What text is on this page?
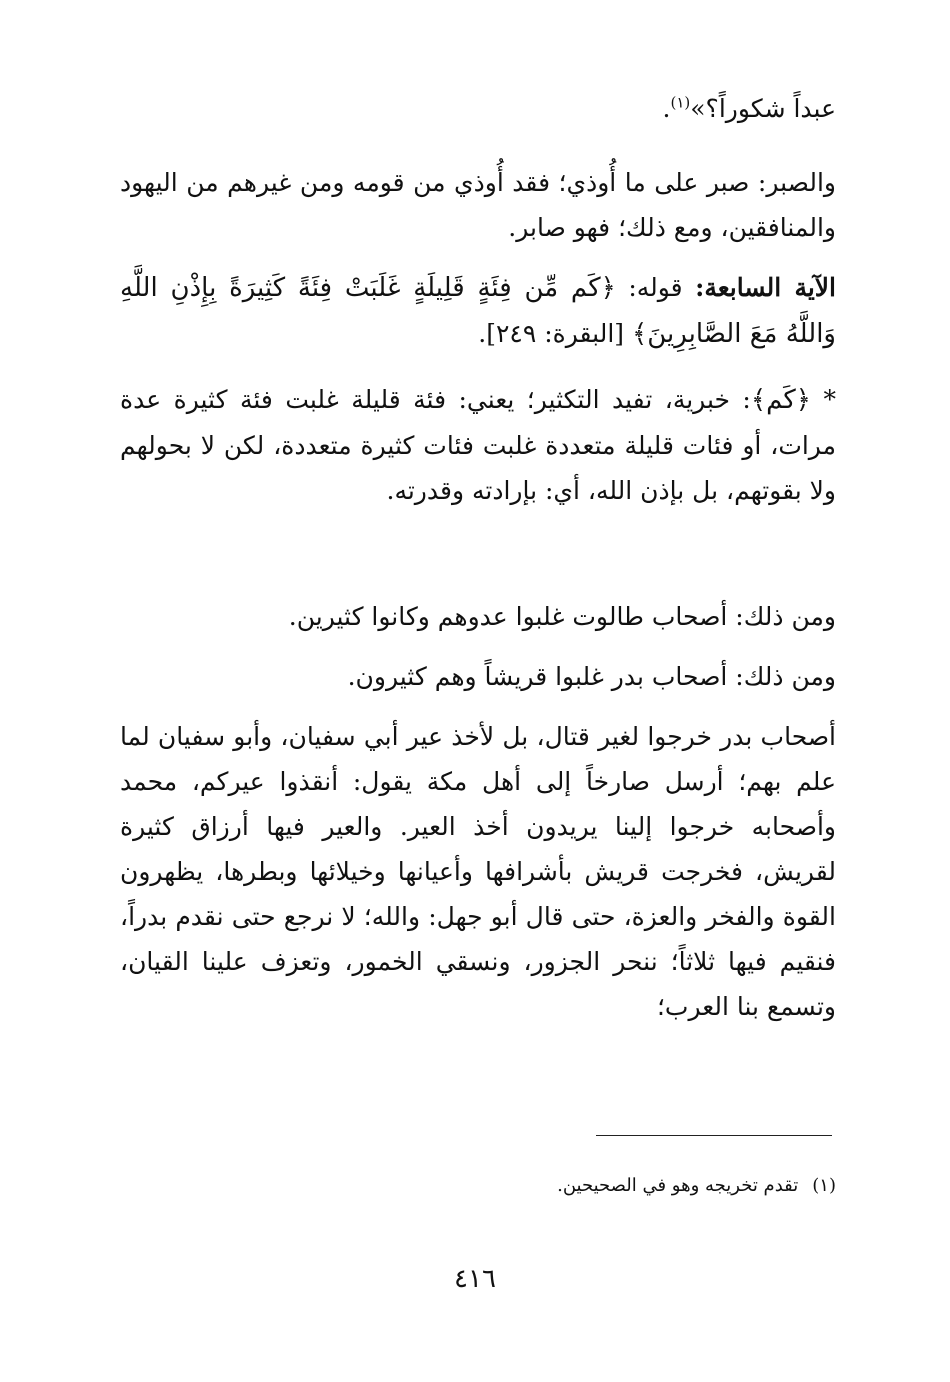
عبداً شكوراً؟»$^{(١)}$.

والصبر: صبر على ما أُوذي؛ فقد أُوذي من قومه ومن غيرهم من اليهود والمنافقين، ومع ذلك؛ فهو صابر.

الآية السابعة: قوله: ﴿كَم مِّن فِئَةٍ قَلِيلَةٍ غَلَبَتْ فِئَةً كَثِيرَةً بِإِذْنِ اللَّهِ وَاللَّهُ مَعَ الصَّابِرِينَ﴾ [البقرة: ٢٤٩].

* ﴿كَم﴾: خبرية، تفيد التكثير؛ يعني: فئة قليلة غلبت فئة كثيرة عدة مرات، أو فئات قليلة متعددة غلبت فئات كثيرة متعددة، لكن لا بحولهم ولا بقوتهم، بل بإذن الله، أي: بإرادته وقدرته.

ومن ذلك: أصحاب طالوت غلبوا عدوهم وكانوا كثيرين.

ومن ذلك: أصحاب بدر غلبوا قريشاً وهم كثيرون.

أصحاب بدر خرجوا لغير قتال، بل لأخذ عير أبي سفيان، وأبو سفيان لما علم بهم؛ أرسل صارخاً إلى أهل مكة يقول: أنقذوا عيركم، محمد وأصحابه خرجوا إلينا يريدون أخذ العير. والعير فيها أرزاق كثيرة لقريش، فخرجت قريش بأشرافها وأعيانها وخيلائها وبطرها، يظهرون القوة والفخر والعزة، حتى قال أبو جهل: والله؛ لا نرجع حتى نقدم بدراً، فنقيم فيها ثلاثاً؛ ننحر الجزور، ونسقي الخمور، وتعزف علينا القيان، وتسمع بنا العرب؛

(١)تقدم تخريجه وهو في الصحيحين.

٤١٦
